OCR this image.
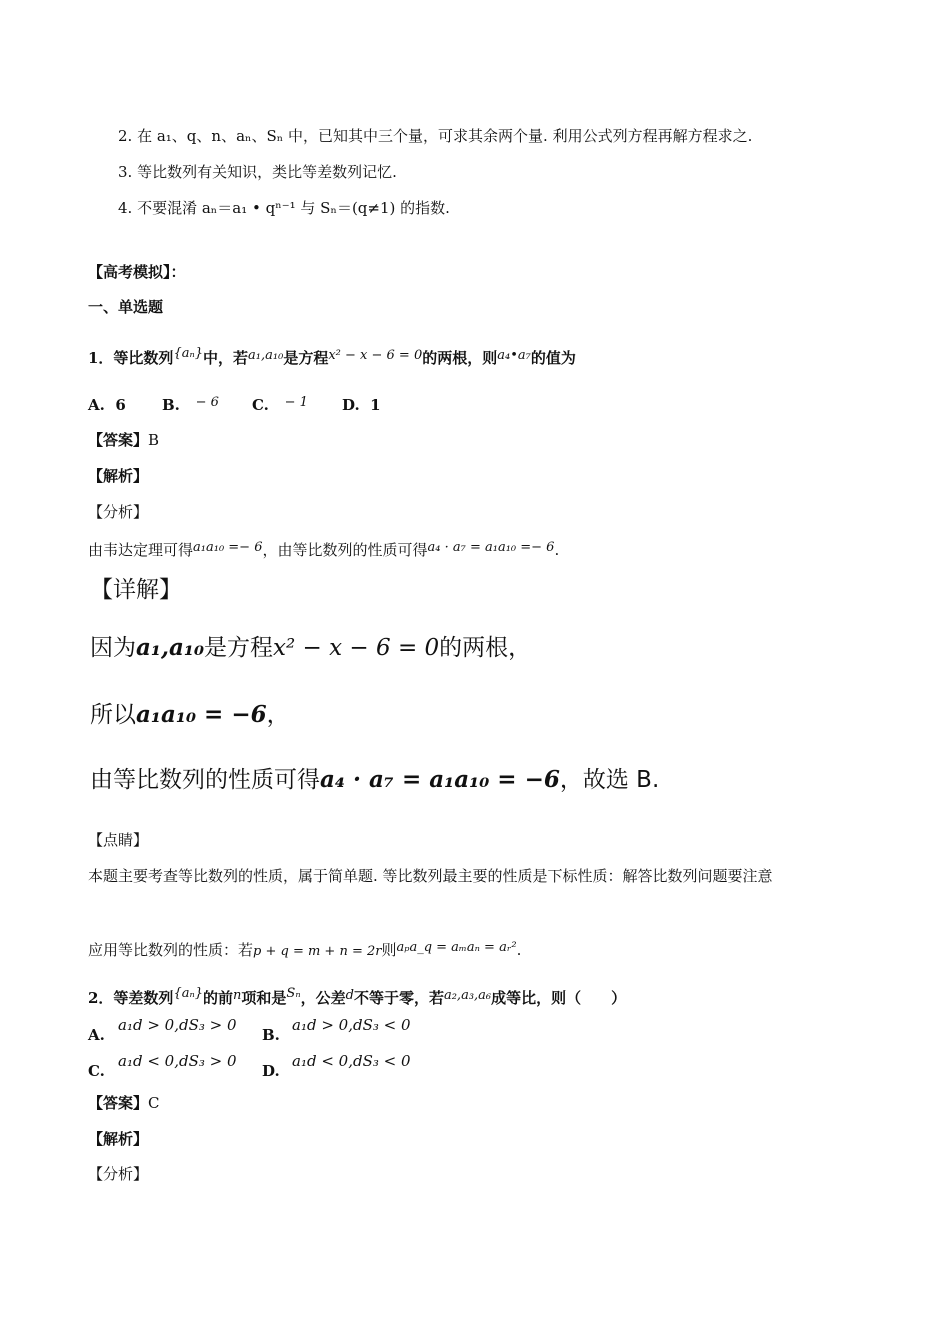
2. 在 a₁、q、n、aₙ、Sₙ 中，已知其中三个量，可求其余两个量. 利用公式列方程再解方程求之.
3. 等比数列有关知识，类比等差数列记忆.
4. 不要混淆 aₙ＝a₁ • qⁿ⁻¹ 与 Sₙ＝(q≠1) 的指数.
【高考模拟】：
一、单选题
1．等比数列{aₙ}中，若a₁,a₁₀是方程x² − x − 6 = 0的两根，则a₄•a₇的值为
A. 6 B. − 6 C. − 1 D. 1
【答案】B
【解析】
【分析】
由韦达定理可得a₁a₁₀ =− 6，由等比数列的性质可得a₄ · a₇ = a₁a₁₀ =− 6.
【详解】
因为a₁,a₁₀是方程x² − x − 6 = 0的两根，
所以a₁a₁₀ = −6，
由等比数列的性质可得a₄ · a₇ = a₁a₁₀ = −6，故选 B.
【点睛】
本题主要考查等比数列的性质，属于简单题. 等比数列最主要的性质是下标性质：解答比数列问题要注意
应用等比数列的性质：若p + q = m + n = 2r则aₚa_q = aₘaₙ = aᵣ².
2．等差数列{aₙ}的前n项和是Sₙ，公差d不等于零，若a₂,a₃,a₆成等比，则（　　）
A.
a₁d > 0,dS₃ > 0
B.
a₁d > 0,dS₃ < 0
C.
a₁d < 0,dS₃ > 0
D.
a₁d < 0,dS₃ < 0
【答案】C
【解析】
【分析】
